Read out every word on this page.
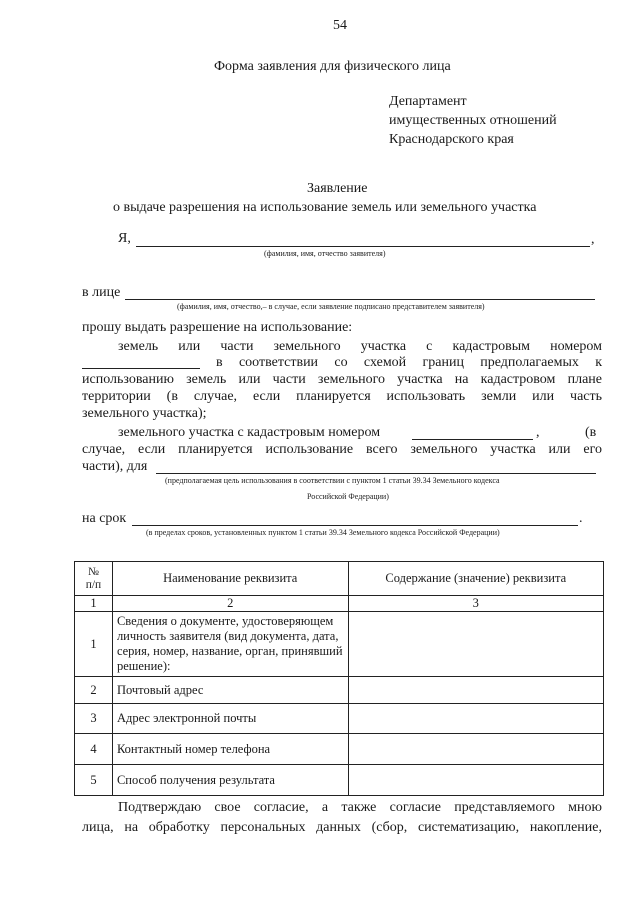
54
Форма заявления для физического лица
Департамент
имущественных отношений
Краснодарского края
Заявление
о выдаче разрешения на использование земель или земельного участка
Я,	,
(фамилия, имя, отчество заявителя)
в лице
(фамилия, имя, отчество,– в случае, если заявление подписано представителем заявителя)
прошу выдать разрешение на использование:
земель или части земельного участка с кадастровым номером
в соответствии со схемой границ предполагаемых к
использованию земель или части земельного участка на кадастровом плане
территории (в случае, если планируется использовать земли или часть
земельного участка);
земельного участка с кадастровым номером	,	(в
случае, если планируется использование всего земельного участка или его
части), для
(предполагаемая цель использования в соответствии с пунктом 1 статьи 39.34 Земельного кодекса
Российской Федерации)
на срок	.
(в пределах сроков, установленных пунктом 1 статьи 39.34 Земельного кодекса Российской Федерации)
№
п/п	Наименование реквизита	Содержание (значение) реквизита
1	2	3
1	Сведения о документе, удостоверяющем личность заявителя (вид документа, дата, серия, номер, название, орган, принявший решение):	
2	Почтовый адрес	
3	Адрес электронной почты	
4	Контактный номер телефона	
5	Способ получения результата	
Подтверждаю свое согласие, а также согласие представляемого мною
лица, на обработку персональных данных (сбор, систематизацию, накопление,
